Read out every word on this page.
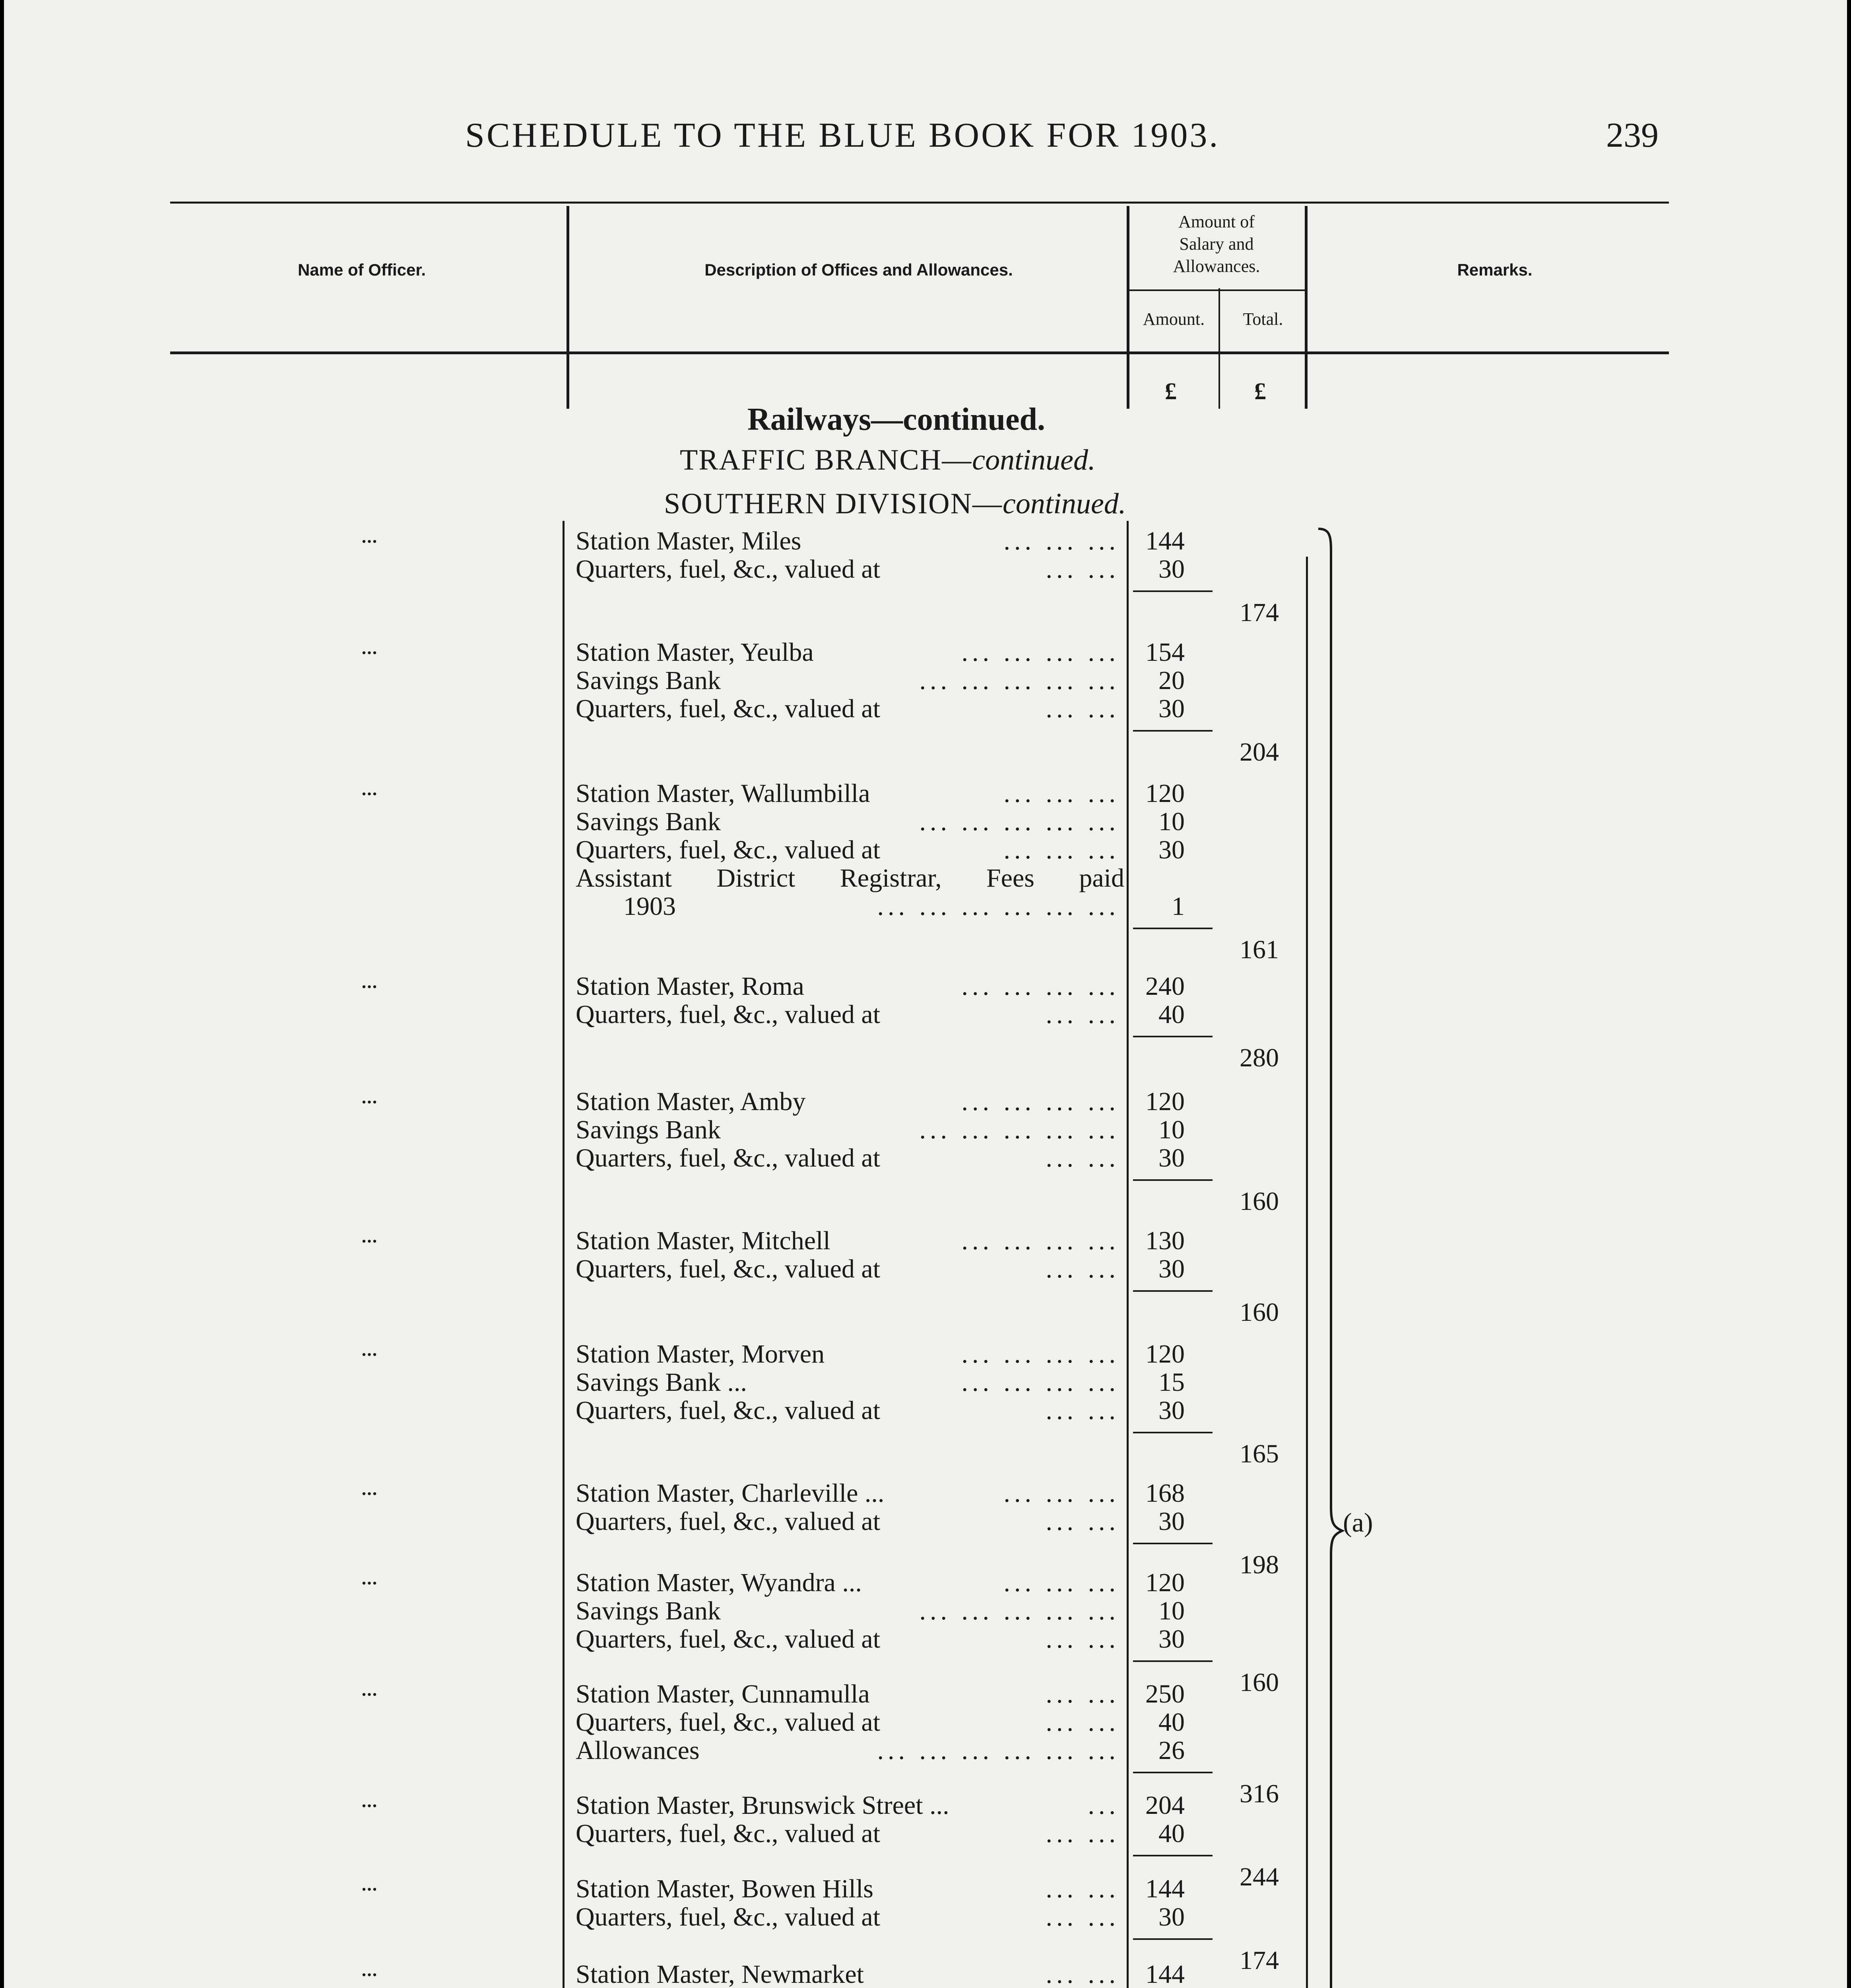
SCHEDULE TO THE BLUE BOOK FOR 1903.	239
Name of Officer.	Description of Offices and Allowances.
Amount of
Salary and
Allowances.
Amount.	Total.
Remarks.
£	£
Railways—continued.
TRAFFIC BRANCH—continued.
SOUTHERN DIVISION—continued.
...	Station Master, Miles	... ... ... 144
Quarters, fuel, &c., valued at	... ...	30
174
...	Station Master, Yeulba	... ... ... ... 154
Savings Bank	... ... ... ... ...	20
Quarters, fuel, &c., valued at	... ...	30
204
...	Station Master, Wallumbilla	... ... ... 120
Savings Bank	... ... ... ... ...	10
Quarters, fuel, &c., valued at	... ... ...	30
Assistant District Registrar, Fees paid
1903	... ... ... ... ... ...	1
161
...	Station Master, Roma	... ... ... ... 240
Quarters, fuel, &c., valued at	... ...	40
280
...	Station Master, Amby	... ... ... ... 120
Savings Bank	... ... ... ... ...	10
Quarters, fuel, &c., valued at	... ...	30
160
...	Station Master, Mitchell	... ... ... ... 130
Quarters, fuel, &c., valued at	... ...	30
160
...	Station Master, Morven	... ... ... ... 120
Savings Bank ...	... ... ... ...	15
Quarters, fuel, &c., valued at	... ...	30
165
...	Station Master, Charleville ...	... ... ... 168
Quarters, fuel, &c., valued at	... ...	30
198
...	Station Master, Wyandra ...	... ... ... 120
Savings Bank	... ... ... ... ...	10
Quarters, fuel, &c., valued at	... ...	30
160
...	Station Master, Cunnamulla	... ... 250
Quarters, fuel, &c., valued at	... ...	40
Allowances	... ... ... ... ... ...	26
316
...	Station Master, Brunswick Street ...	... 204
Quarters, fuel, &c., valued at	... ...	40
244
...	Station Master, Bowen Hills	... ... 144
Quarters, fuel, &c., valued at	... ...	30
174
...	Station Master, Newmarket	... ... 144
(a)
